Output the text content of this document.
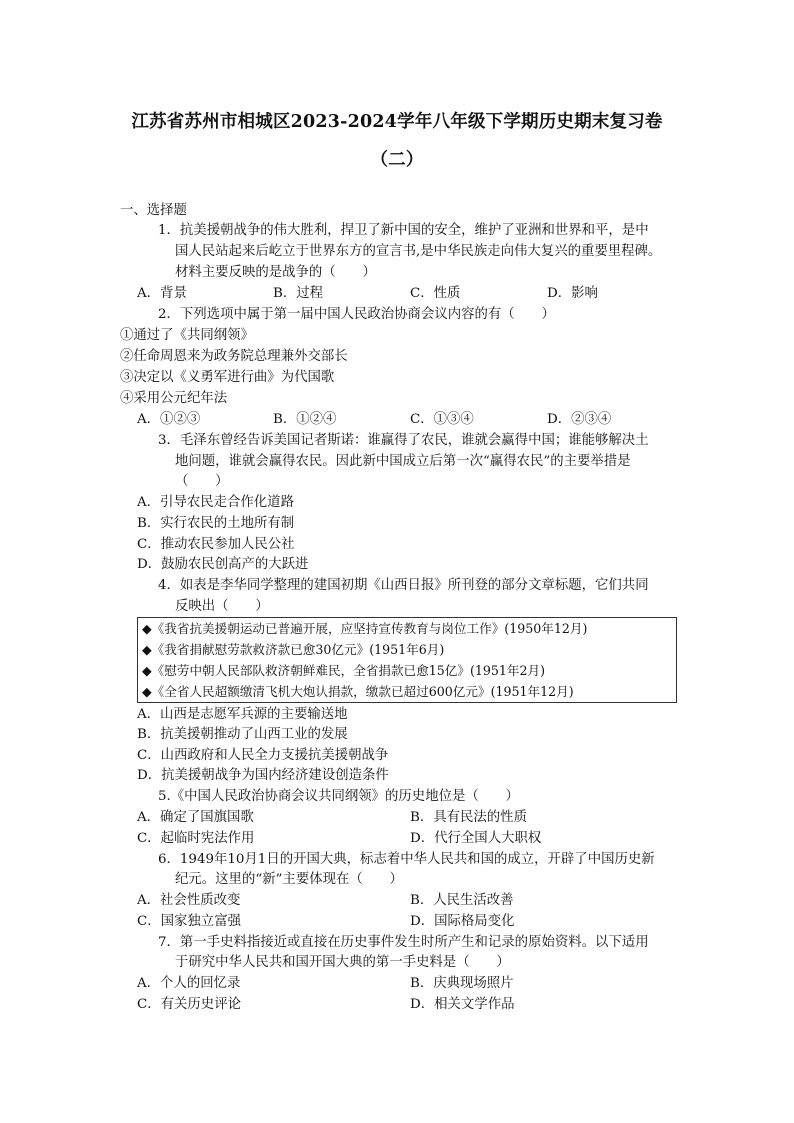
江苏省苏州市相城区2023-2024学年八年级下学期历史期末复习卷
（二）
一、选择题
1．抗美援朝战争的伟大胜利，捍卫了新中国的安全，维护了亚洲和世界和平，是中
国人民站起来后屹立于世界东方的宣言书,是中华民族走向伟大复兴的重要里程碑。
材料主要反映的是战争的（　　）
A．背景	B．过程	C．性质	D．影响
2．下列选项中属于第一届中国人民政治协商会议内容的有（　　）
①通过了《共同纲领》
②任命周恩来为政务院总理兼外交部长
③决定以《义勇军进行曲》为代国歌
④采用公元纪年法
A．①②③	B．①②④	C．①③④	D．②③④
3．毛泽东曾经告诉美国记者斯诺：谁赢得了农民，谁就会赢得中国；谁能够解决土
地问题，谁就会赢得农民。因此新中国成立后第一次“赢得农民”的主要举措是
（　　）
A．引导农民走合作化道路
B．实行农民的土地所有制
C．推动农民参加人民公社
D．鼓励农民创高产的大跃进
4．如表是李华同学整理的建国初期《山西日报》所刊登的部分文章标题，它们共同
反映出（　　）
◆《我省抗美援朝运动已普遍开展，应坚持宣传教育与岗位工作》(1950年12月)
◆《我省捐献慰劳款救济款已愈30亿元》(1951年6月)
◆《慰劳中朝人民部队救济朝鲜难民，全省捐款已愈15亿》(1951年2月)
◆《全省人民超额缴清飞机大炮认捐款，缴款已超过600亿元》(1951年12月)
A．山西是志愿军兵源的主要输送地
B．抗美援朝推动了山西工业的发展
C．山西政府和人民全力支援抗美援朝战争
D．抗美援朝战争为国内经济建设创造条件
5.《中国人民政治协商会议共同纲领》的历史地位是（　　）
A．确定了国旗国歌	B．具有民法的性质
C．起临时宪法作用	D．代行全国人大职权
6．1949年10月1日的开国大典，标志着中华人民共和国的成立，开辟了中国历史新
纪元。这里的“新”主要体现在（　　）
A．社会性质改变	B．人民生活改善
C．国家独立富强	D．国际格局变化
7．第一手史料指接近或直接在历史事件发生时所产生和记录的原始资料。以下适用
于研究中华人民共和国开国大典的第一手史料是（　　）
A．个人的回忆录	B．庆典现场照片
C．有关历史评论	D．相关文学作品
